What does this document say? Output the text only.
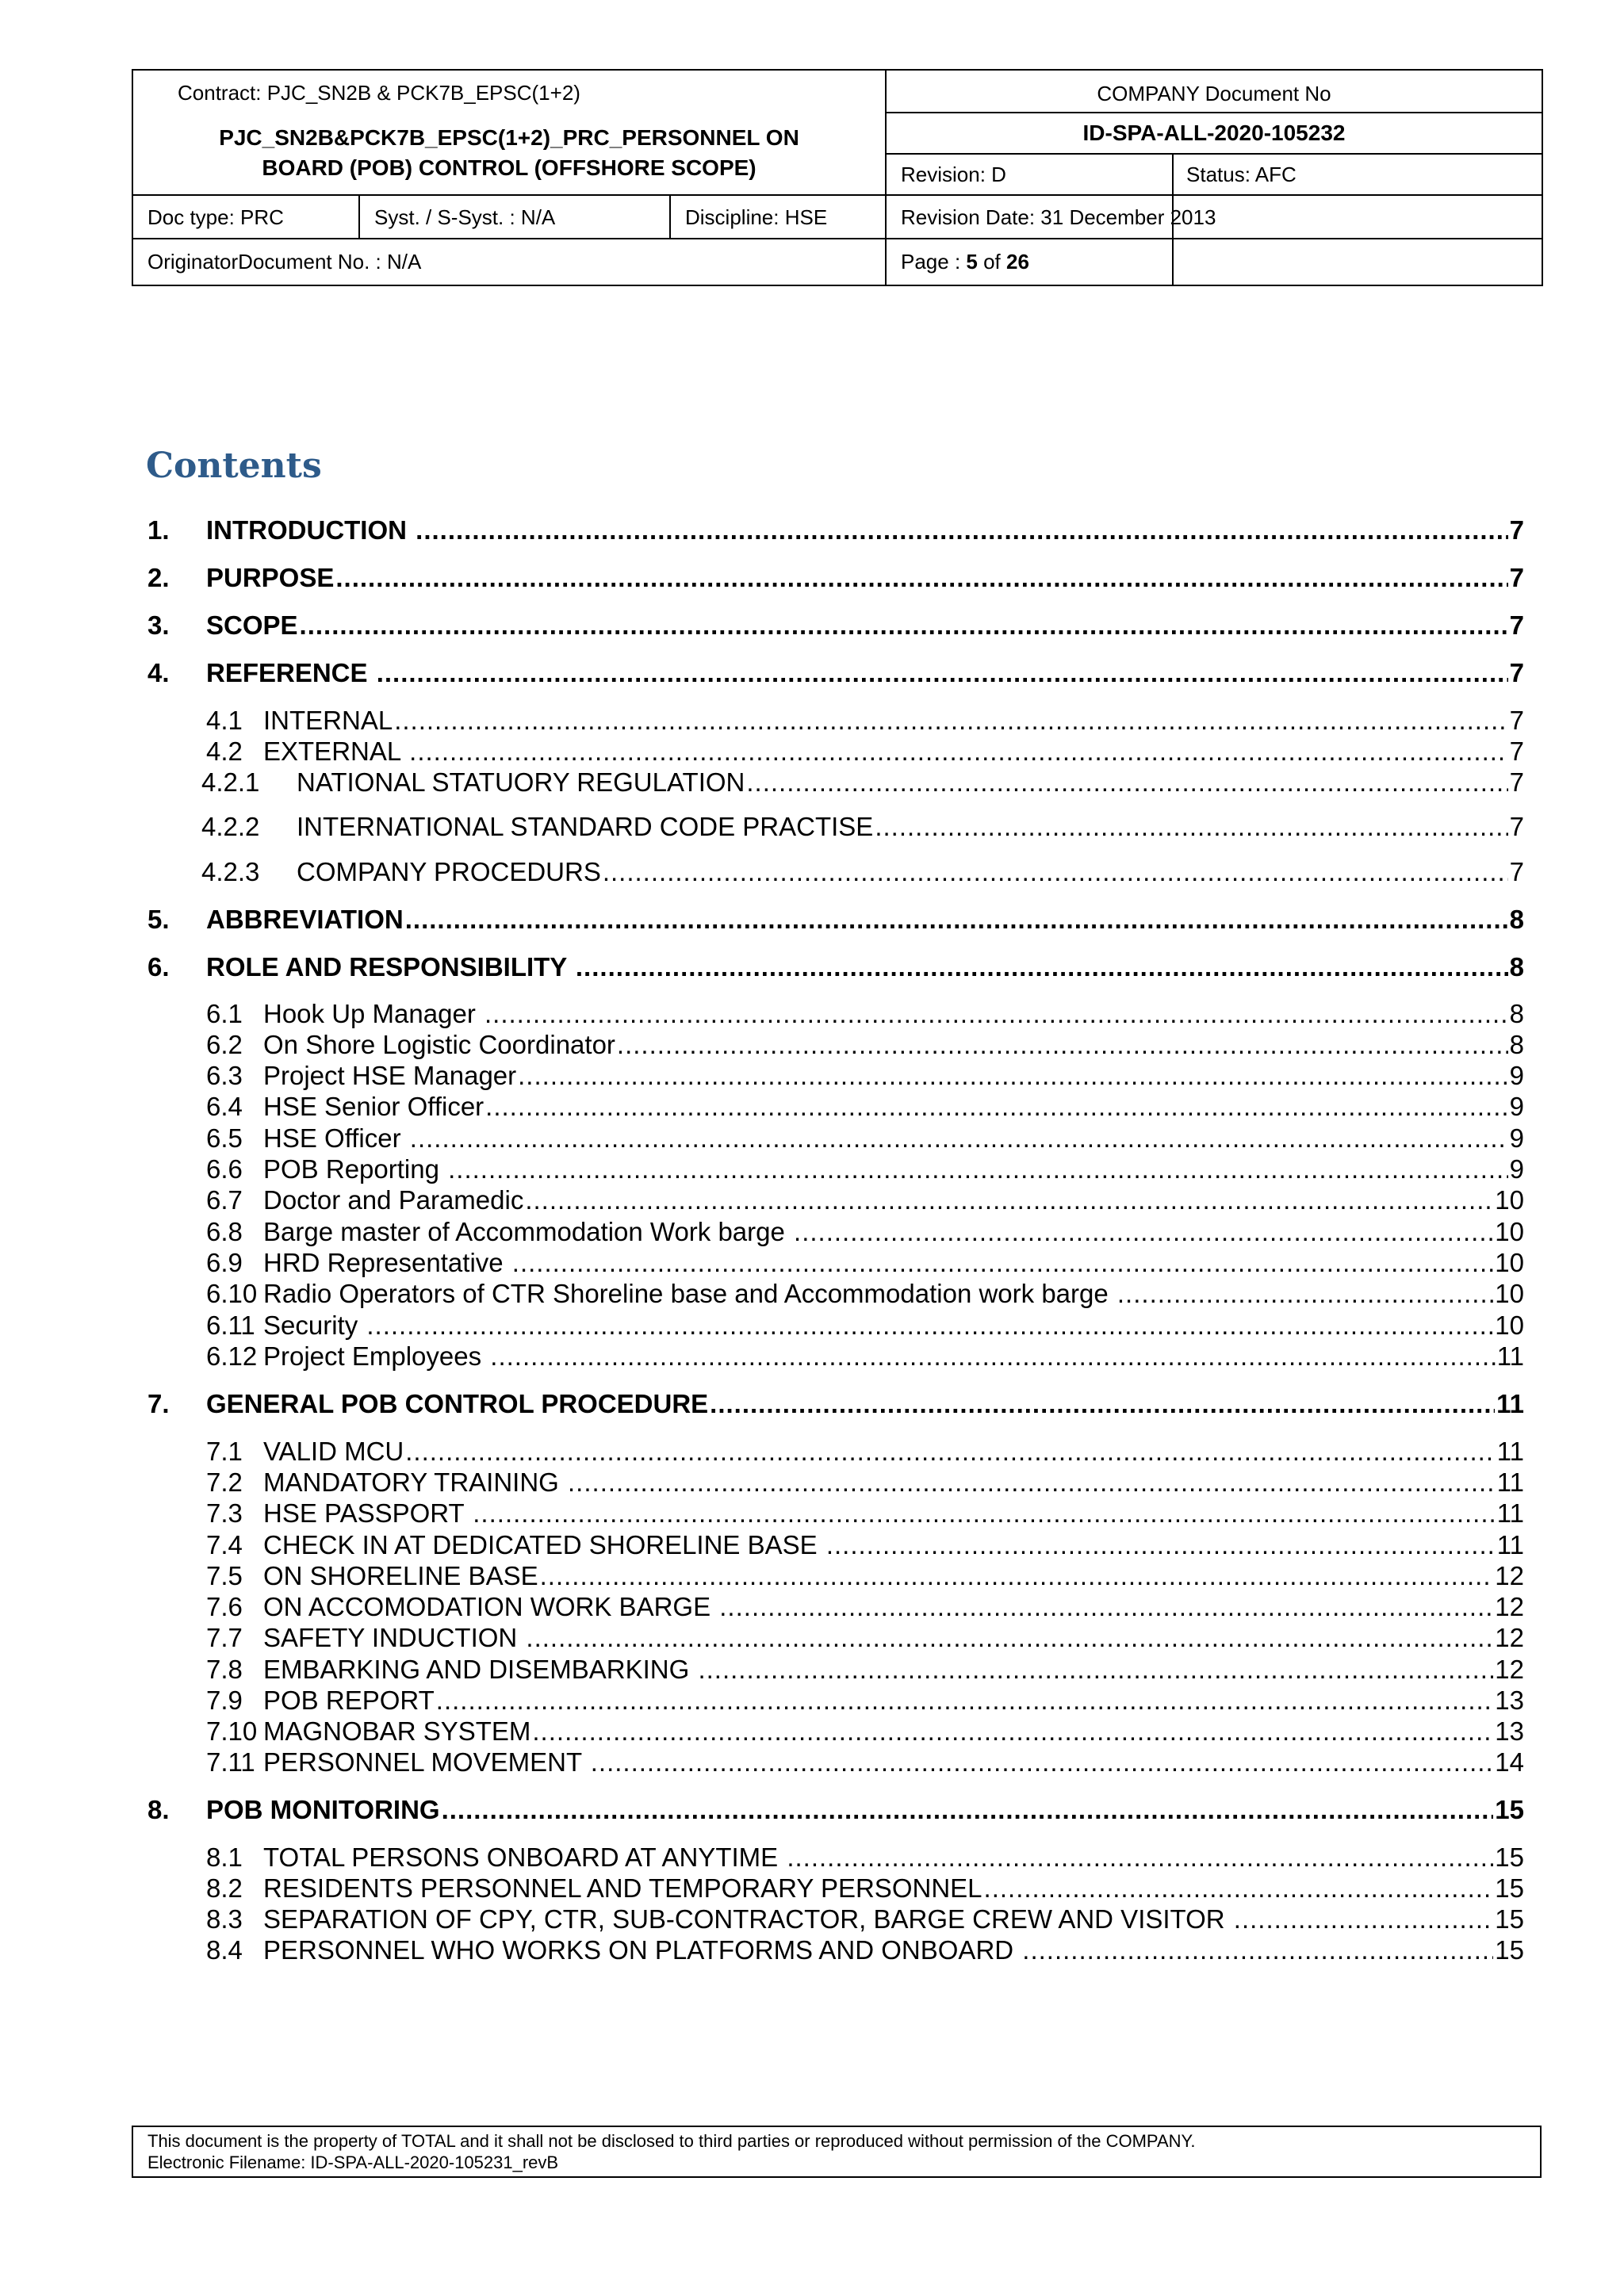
Contract: PJC_SN2B & PCK7B_EPSC(1+2)
PJC_SN2B&PCK7B_EPSC(1+2)_PRC_PERSONNEL ON
BOARD (POB) CONTROL (OFFSHORE SCOPE)
COMPANY Document No
ID-SPA-ALL-2020-105232
Revision: D	Status: AFC
Doc type: PRC	Syst. / S-Syst. : N/A	Discipline: HSE	Revision Date: 31 December 2013
OriginatorDocument No. : N/A	Page : 5 of 26
Contents
1.	INTRODUCTION .....	7
2.	PURPOSE .....	7
3.	SCOPE .....	7
4.	REFERENCE .....	7
4.1 INTERNAL .....	7
4.2 EXTERNAL .....	7
4.2.1	NATIONAL STATUORY REGULATION .....	7
4.2.2	INTERNATIONAL STANDARD CODE PRACTISE .....	7
4.2.3	COMPANY PROCEDURS .....	7
5.	ABBREVIATION .....	8
6.	ROLE AND RESPONSIBILITY .....	8
6.1 Hook Up Manager .....	8
6.2 On Shore Logistic Coordinator .....	8
6.3 Project HSE Manager .....	9
6.4 HSE Senior Officer .....	9
6.5 HSE Officer .....	9
6.6 POB Reporting .....	9
6.7 Doctor and Paramedic .....	10
6.8 Barge master of Accommodation Work barge .....	10
6.9 HRD Representative .....	10
6.10 Radio Operators of CTR Shoreline base and Accommodation work barge .....	10
6.11 Security .....	10
6.12 Project Employees .....	11
7.	GENERAL POB CONTROL PROCEDURE .....	11
7.1 VALID MCU .....	11
7.2 MANDATORY TRAINING .....	11
7.3 HSE PASSPORT .....	11
7.4 CHECK IN AT DEDICATED SHORELINE BASE .....	11
7.5 ON SHORELINE BASE .....	12
7.6 ON ACCOMODATION WORK BARGE .....	12
7.7 SAFETY INDUCTION .....	12
7.8 EMBARKING AND DISEMBARKING .....	12
7.9 POB REPORT .....	13
7.10 MAGNOBAR SYSTEM .....	13
7.11 PERSONNEL MOVEMENT .....	14
8.	POB MONITORING .....	15
8.1 TOTAL PERSONS ONBOARD AT ANYTIME .....	15
8.2 RESIDENTS PERSONNEL AND TEMPORARY PERSONNEL .....	15
8.3 SEPARATION OF CPY, CTR, SUB-CONTRACTOR, BARGE CREW AND VISITOR .....	15
8.4 PERSONNEL WHO WORKS ON PLATFORMS AND ONBOARD .....	15
This document is the property of TOTAL and it shall not be disclosed to third parties or reproduced without permission of the COMPANY.
Electronic Filename: ID-SPA-ALL-2020-105231_revB
